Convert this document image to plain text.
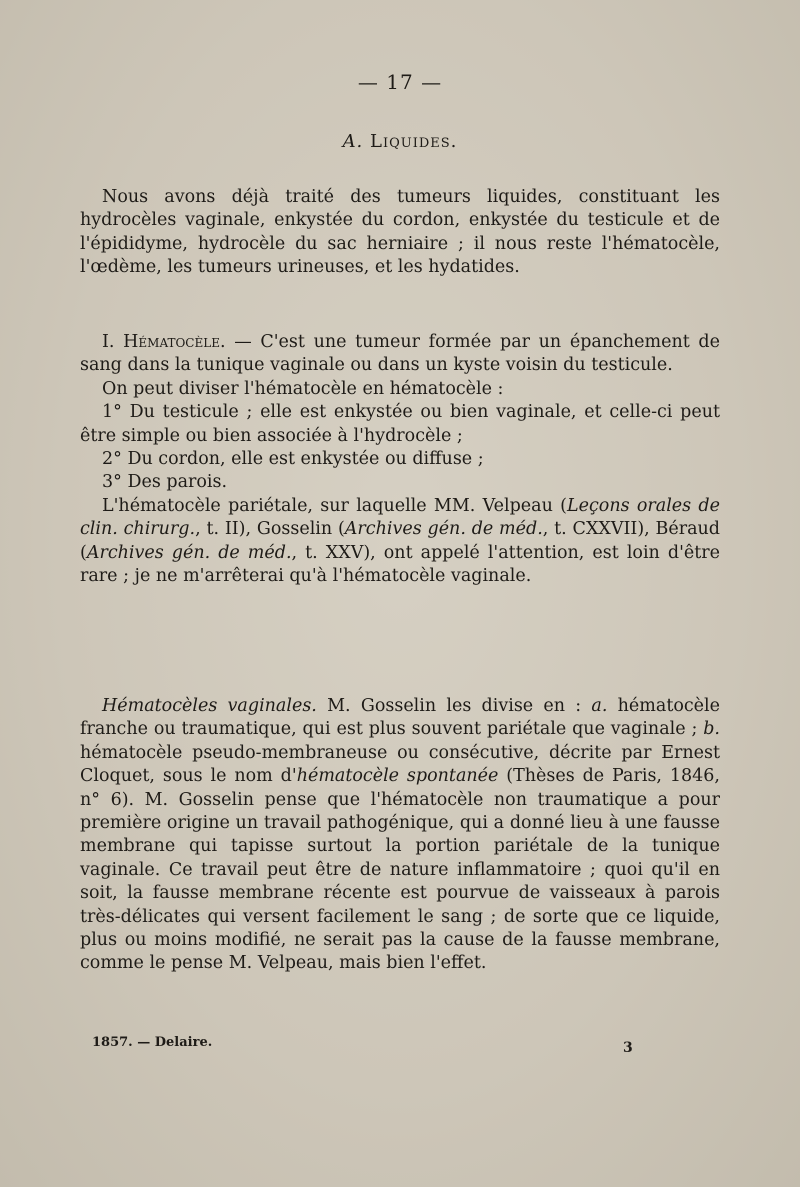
— 17 —
A. Liquides.

Nous avons déjà traité des tumeurs liquides, constituant les hydrocèles vaginale, enkystée du cordon, enkystée du testicule et de l'épididyme, hydrocèle du sac herniaire ; il nous reste l'hématocèle, l'œdème, les tumeurs urineuses, et les hydatides.

I. Hématocèle. — C'est une tumeur formée par un épanchement de sang dans la tunique vaginale ou dans un kyste voisin du testicule.

On peut diviser l'hématocèle en hématocèle :

1° Du testicule ; elle est enkystée ou bien vaginale, et celle-ci peut être simple ou bien associée à l'hydrocèle ;

2° Du cordon, elle est enkystée ou diffuse ;

3° Des parois.

L'hématocèle pariétale, sur laquelle MM. Velpeau (Leçons orales de clin. chirurg., t. II), Gosselin (Archives gén. de méd., t. CXXVII), Béraud (Archives gén. de méd., t. XXV), ont appelé l'attention, est loin d'être rare ; je ne m'arrêterai qu'à l'hématocèle vaginale.

Hématocèles vaginales. M. Gosselin les divise en : a. hématocèle franche ou traumatique, qui est plus souvent pariétale que vaginale ; b. hématocèle pseudo-membraneuse ou consécutive, décrite par Ernest Cloquet, sous le nom d'hématocèle spontanée (Thèses de Paris, 1846, n° 6). M. Gosselin pense que l'hématocèle non traumatique a pour première origine un travail pathogénique, qui a donné lieu à une fausse membrane qui tapisse surtout la portion pariétale de la tunique vaginale. Ce travail peut être de nature inflammatoire ; quoi qu'il en soit, la fausse membrane récente est pourvue de vaisseaux à parois très-délicates qui versent facilement le sang ; de sorte que ce liquide, plus ou moins modifié, ne serait pas la cause de la fausse membrane, comme le pense M. Velpeau, mais bien l'effet.

1857. — Delaire.	3
